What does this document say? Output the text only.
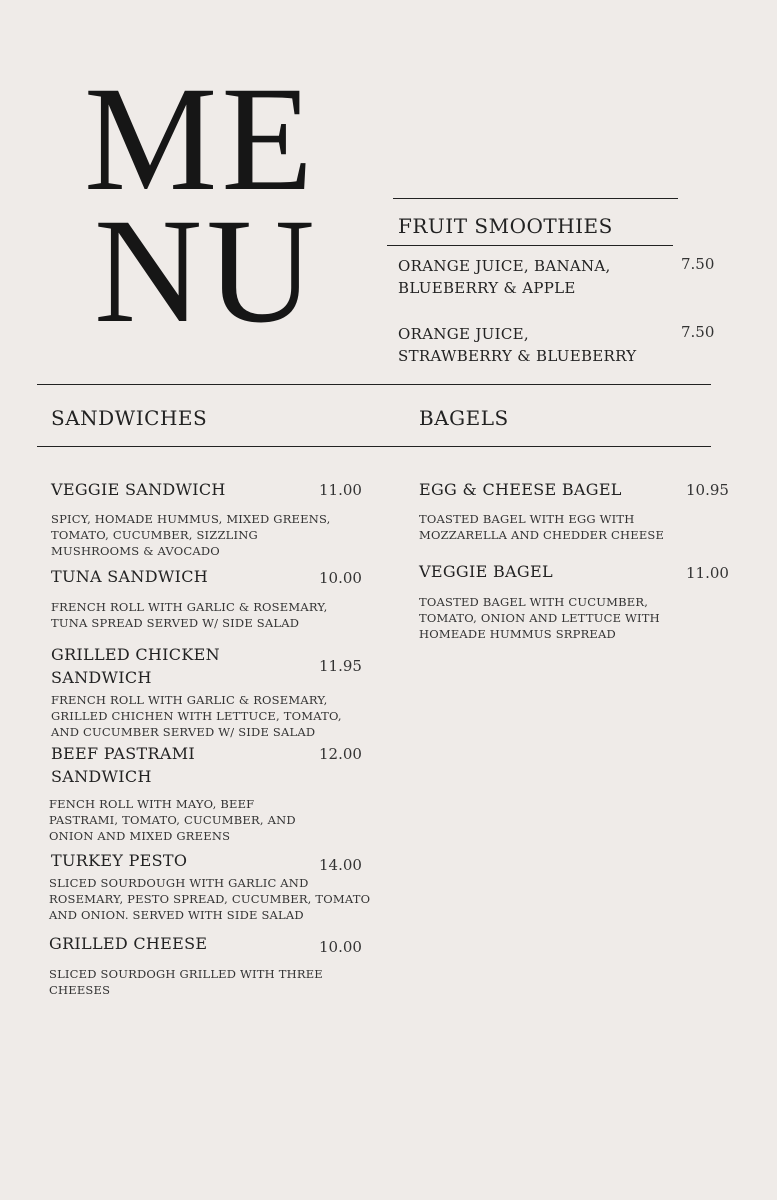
ME
NU	FRUIT SMOOTHIES
ORANGE JUICE, BANANA,
BLUEBERRY & APPLE
7.50
ORANGE JUICE,
STRAWBERRY & BLUEBERRY
7.50
SANDWICHES	BAGELS
VEGGIE SANDWICH	11.00
SPICY, HOMADE HUMMUS, MIXED GREENS,
TOMATO, CUCUMBER, SIZZLING
MUSHROOMS & AVOCADO
TUNA SANDWICH	10.00
FRENCH ROLL WITH GARLIC & ROSEMARY,
TUNA SPREAD SERVED W/ SIDE SALAD
GRILLED CHICKEN
SANDWICH
11.95
FRENCH ROLL WITH GARLIC & ROSEMARY,
GRILLED CHICHEN WITH LETTUCE, TOMATO,
AND CUCUMBER SERVED W/ SIDE SALAD
BEEF PASTRAMI
SANDWICH
12.00
FENCH ROLL WITH MAYO, BEEF
PASTRAMI, TOMATO, CUCUMBER, AND
ONION AND MIXED GREENS
TURKEY PESTO	14.00
SLICED SOURDOUGH WITH GARLIC AND
ROSEMARY, PESTO SPREAD, CUCUMBER, TOMATO
AND ONION. SERVED WITH SIDE SALAD
GRILLED CHEESE	10.00
SLICED SOURDOGH GRILLED WITH THREE
CHEESES
EGG & CHEESE BAGEL	10.95
TOASTED BAGEL WITH EGG WITH
MOZZARELLA AND CHEDDER CHEESE
VEGGIE BAGEL	11.00
TOASTED BAGEL WITH CUCUMBER,
TOMATO, ONION AND LETTUCE WITH
HOMEADE HUMMUS SRPREAD
